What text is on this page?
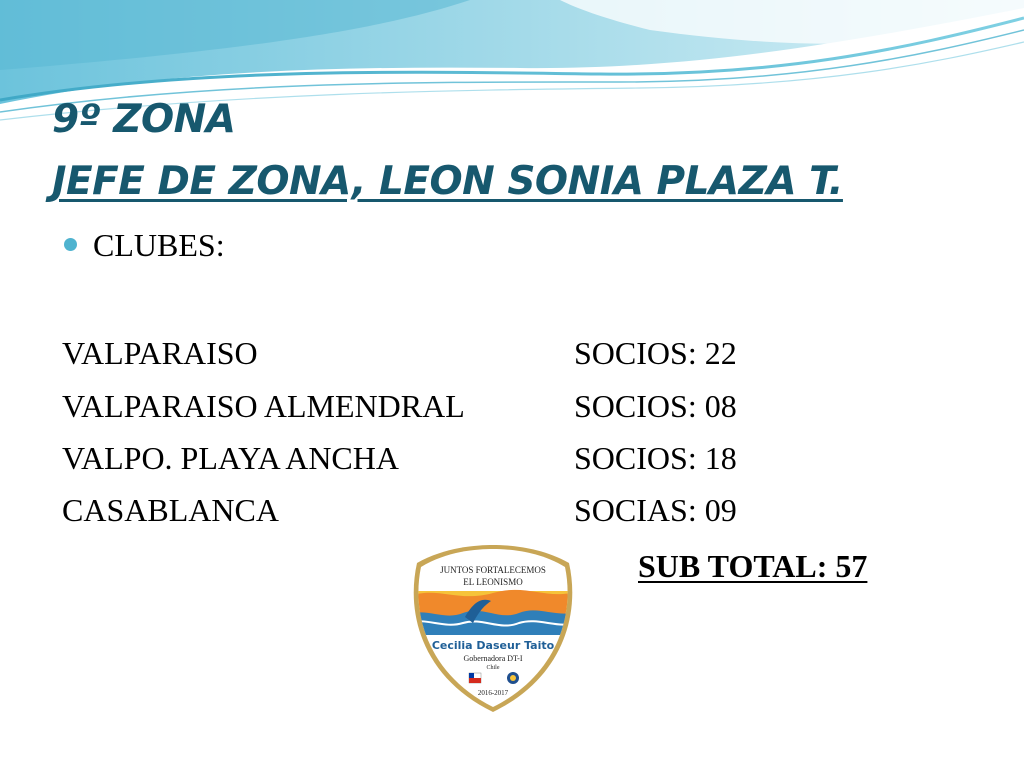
9º ZONA
JEFE DE ZONA, LEON SONIA PLAZA T.
CLUBES:
VALPARAISO	SOCIOS: 22
VALPARAISO ALMENDRAL	SOCIOS: 08
VALPO. PLAYA ANCHA	SOCIOS: 18
CASABLANCA	SOCIAS: 09
SUB TOTAL: 57
JUNTOS FORTALECEMOS
EL LEONISMO
Cecilia Daseur Taito
Gobernadora DT-I
Chile
2016-2017
